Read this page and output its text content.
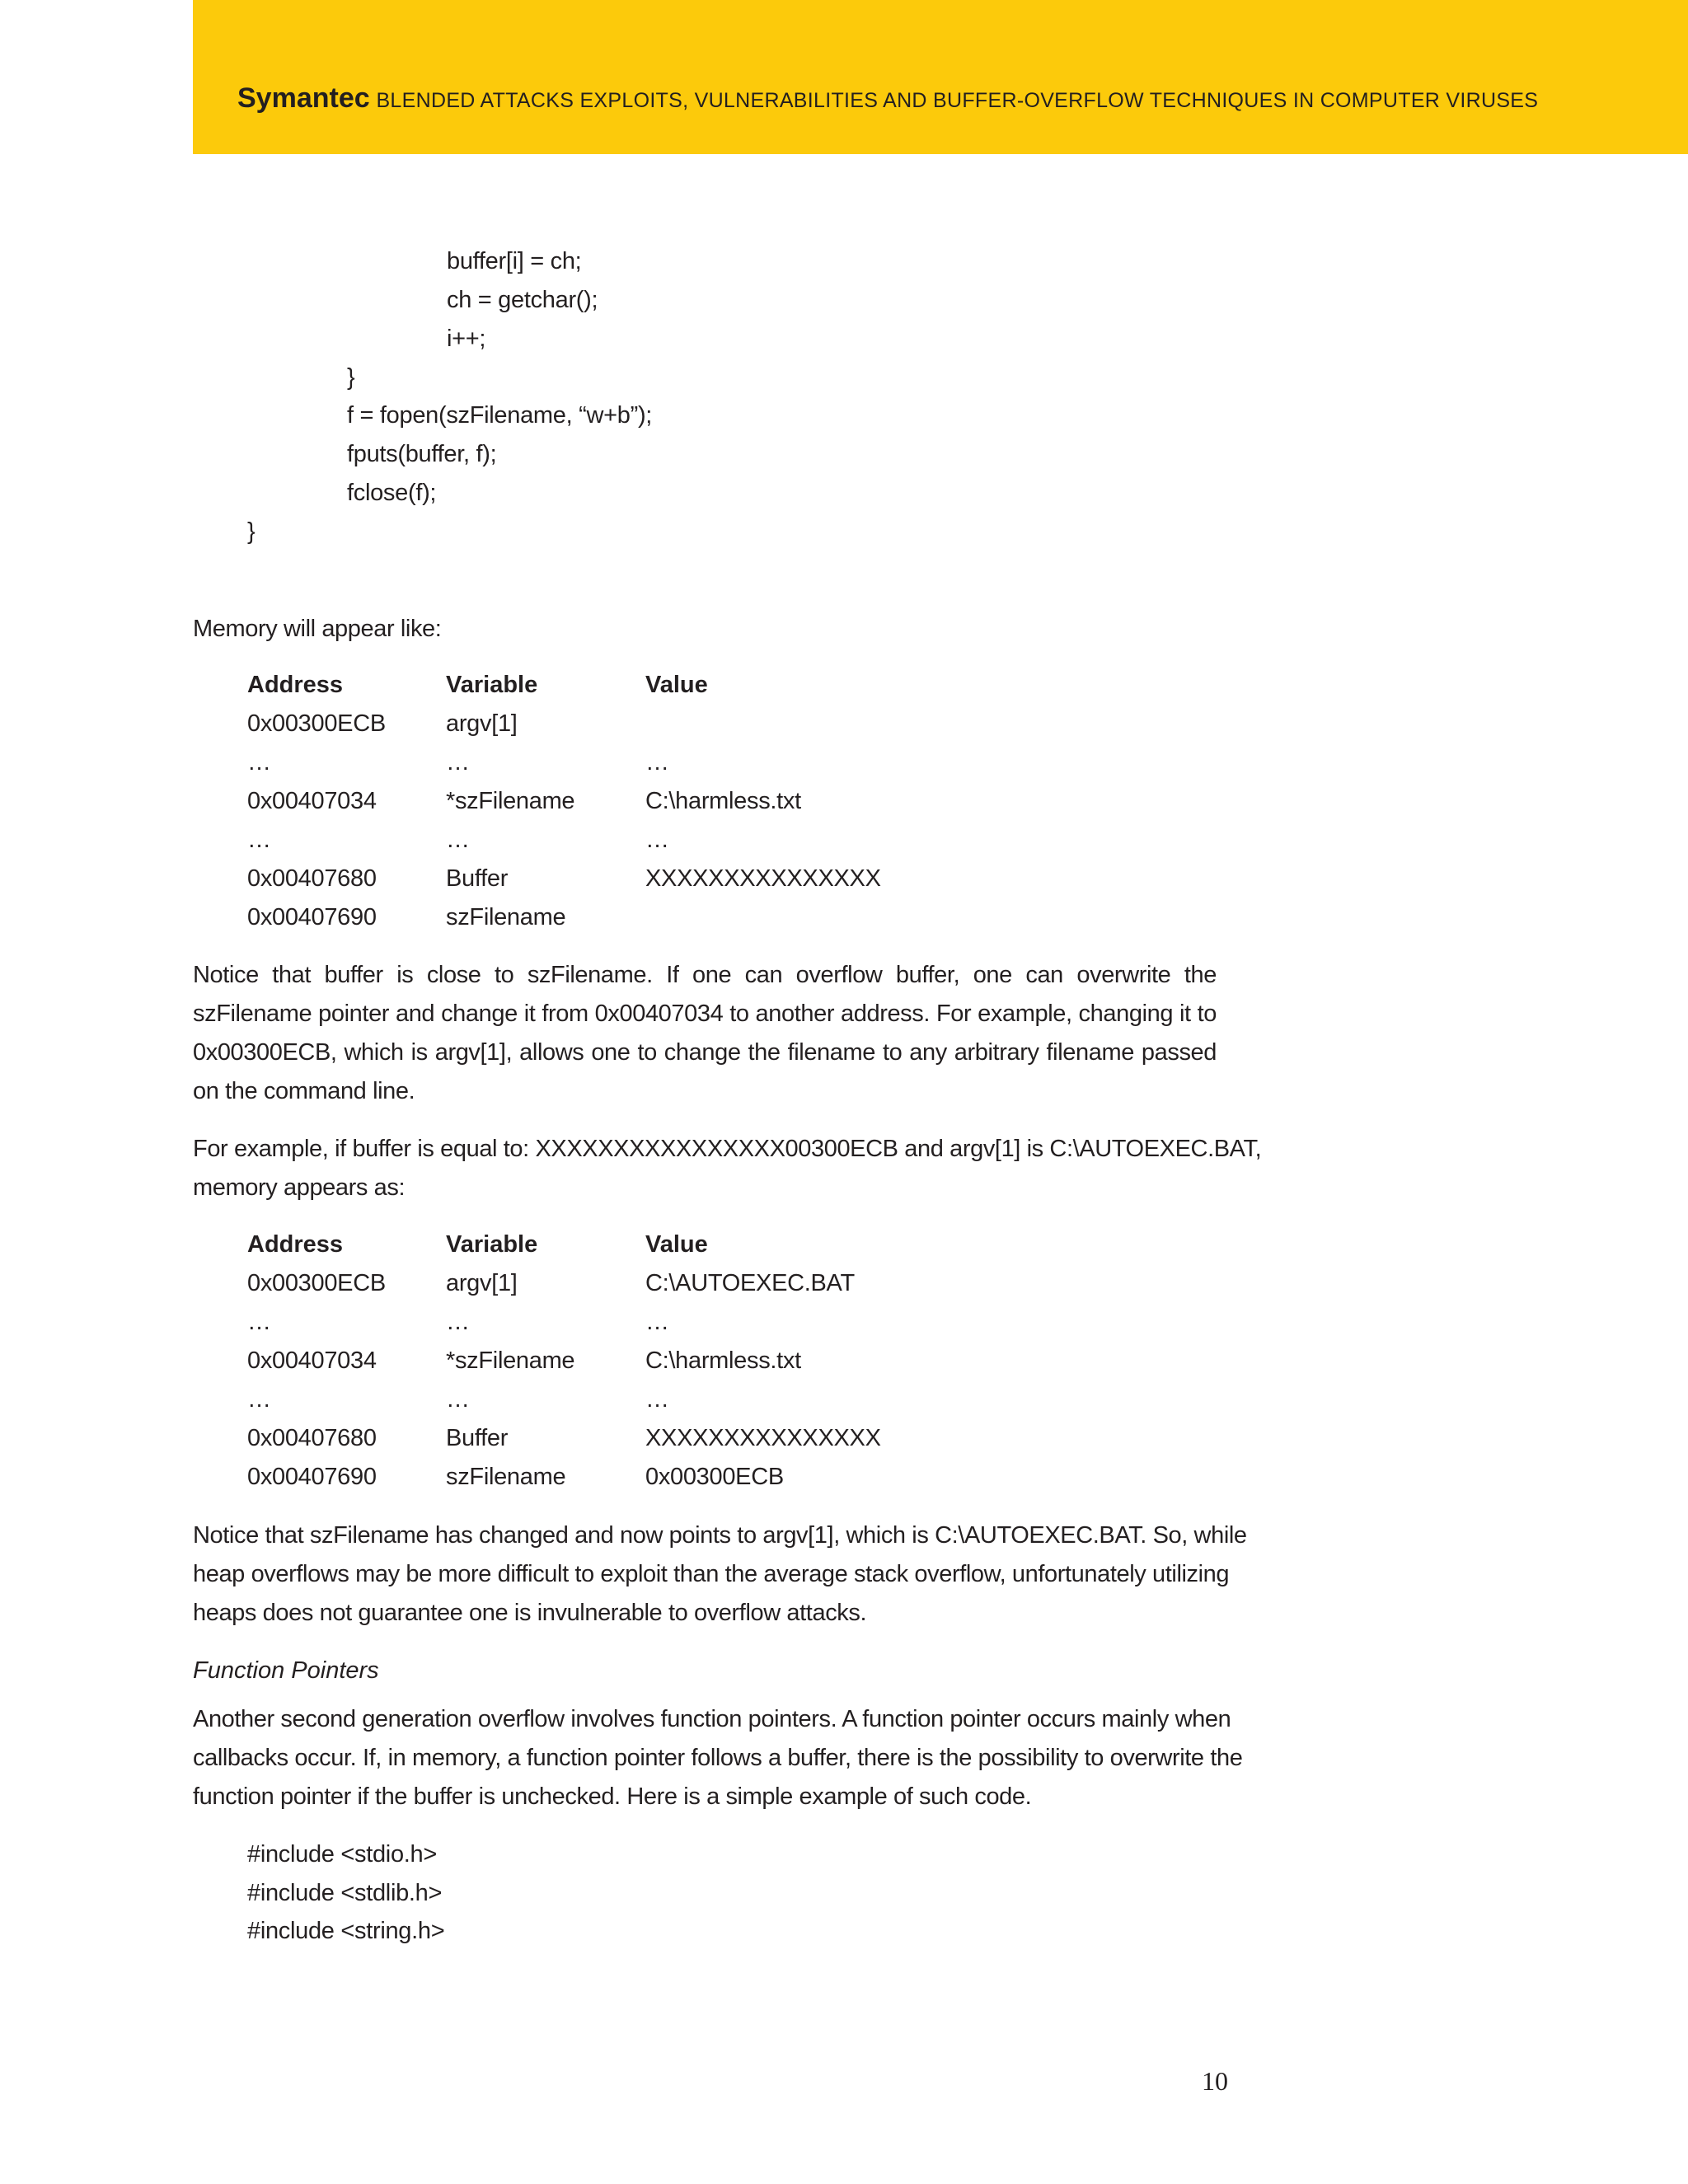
Symantec BLENDED ATTACKS EXPLOITS, VULNERABILITIES AND BUFFER-OVERFLOW TECHNIQUES IN COMPUTER VIRUSES
buffer[i] = ch;
ch = getchar();
i++;
}
f = fopen(szFilename, “w+b”);
fputs(buffer, f);
fclose(f);
}
Memory will appear like:
Address	Variable	Value
0x00300ECB	argv[1]
…	…	…
0x00407034	*szFilename	C:\harmless.txt
…	…	…
0x00407680	Buffer	XXXXXXXXXXXXXXX
0x00407690	szFilename

Notice that buffer is close to szFilename. If one can overflow buffer, one can overwrite the szFilename pointer and change it from 0x00407034 to another address. For example, changing it to 0x00300ECB, which is argv[1], allows one to change the filename to any arbitrary filename passed on the command line.

For example, if buffer is equal to: XXXXXXXXXXXXXXXX00300ECB and argv[1] is C:\AUTOEXEC.BAT,
memory appears as:
Address	Variable	Value
0x00300ECB	argv[1]	C:\AUTOEXEC.BAT
…	…	…
0x00407034	*szFilename	C:\harmless.txt
…	…	…
0x00407680	Buffer	XXXXXXXXXXXXXXX
0x00407690	szFilename	0x00300ECB
Notice that szFilename has changed and now points to argv[1], which is C:\AUTOEXEC.BAT. So, while
heap overflows may be more difficult to exploit than the average stack overflow, unfortunately utilizing
heaps does not guarantee one is invulnerable to overflow attacks.
Function Pointers
Another second generation overflow involves function pointers. A function pointer occurs mainly when
callbacks occur. If, in memory, a function pointer follows a buffer, there is the possibility to overwrite the
function pointer if the buffer is unchecked. Here is a simple example of such code.
#include <stdio.h>
#include <stdlib.h>
#include <string.h>
10
